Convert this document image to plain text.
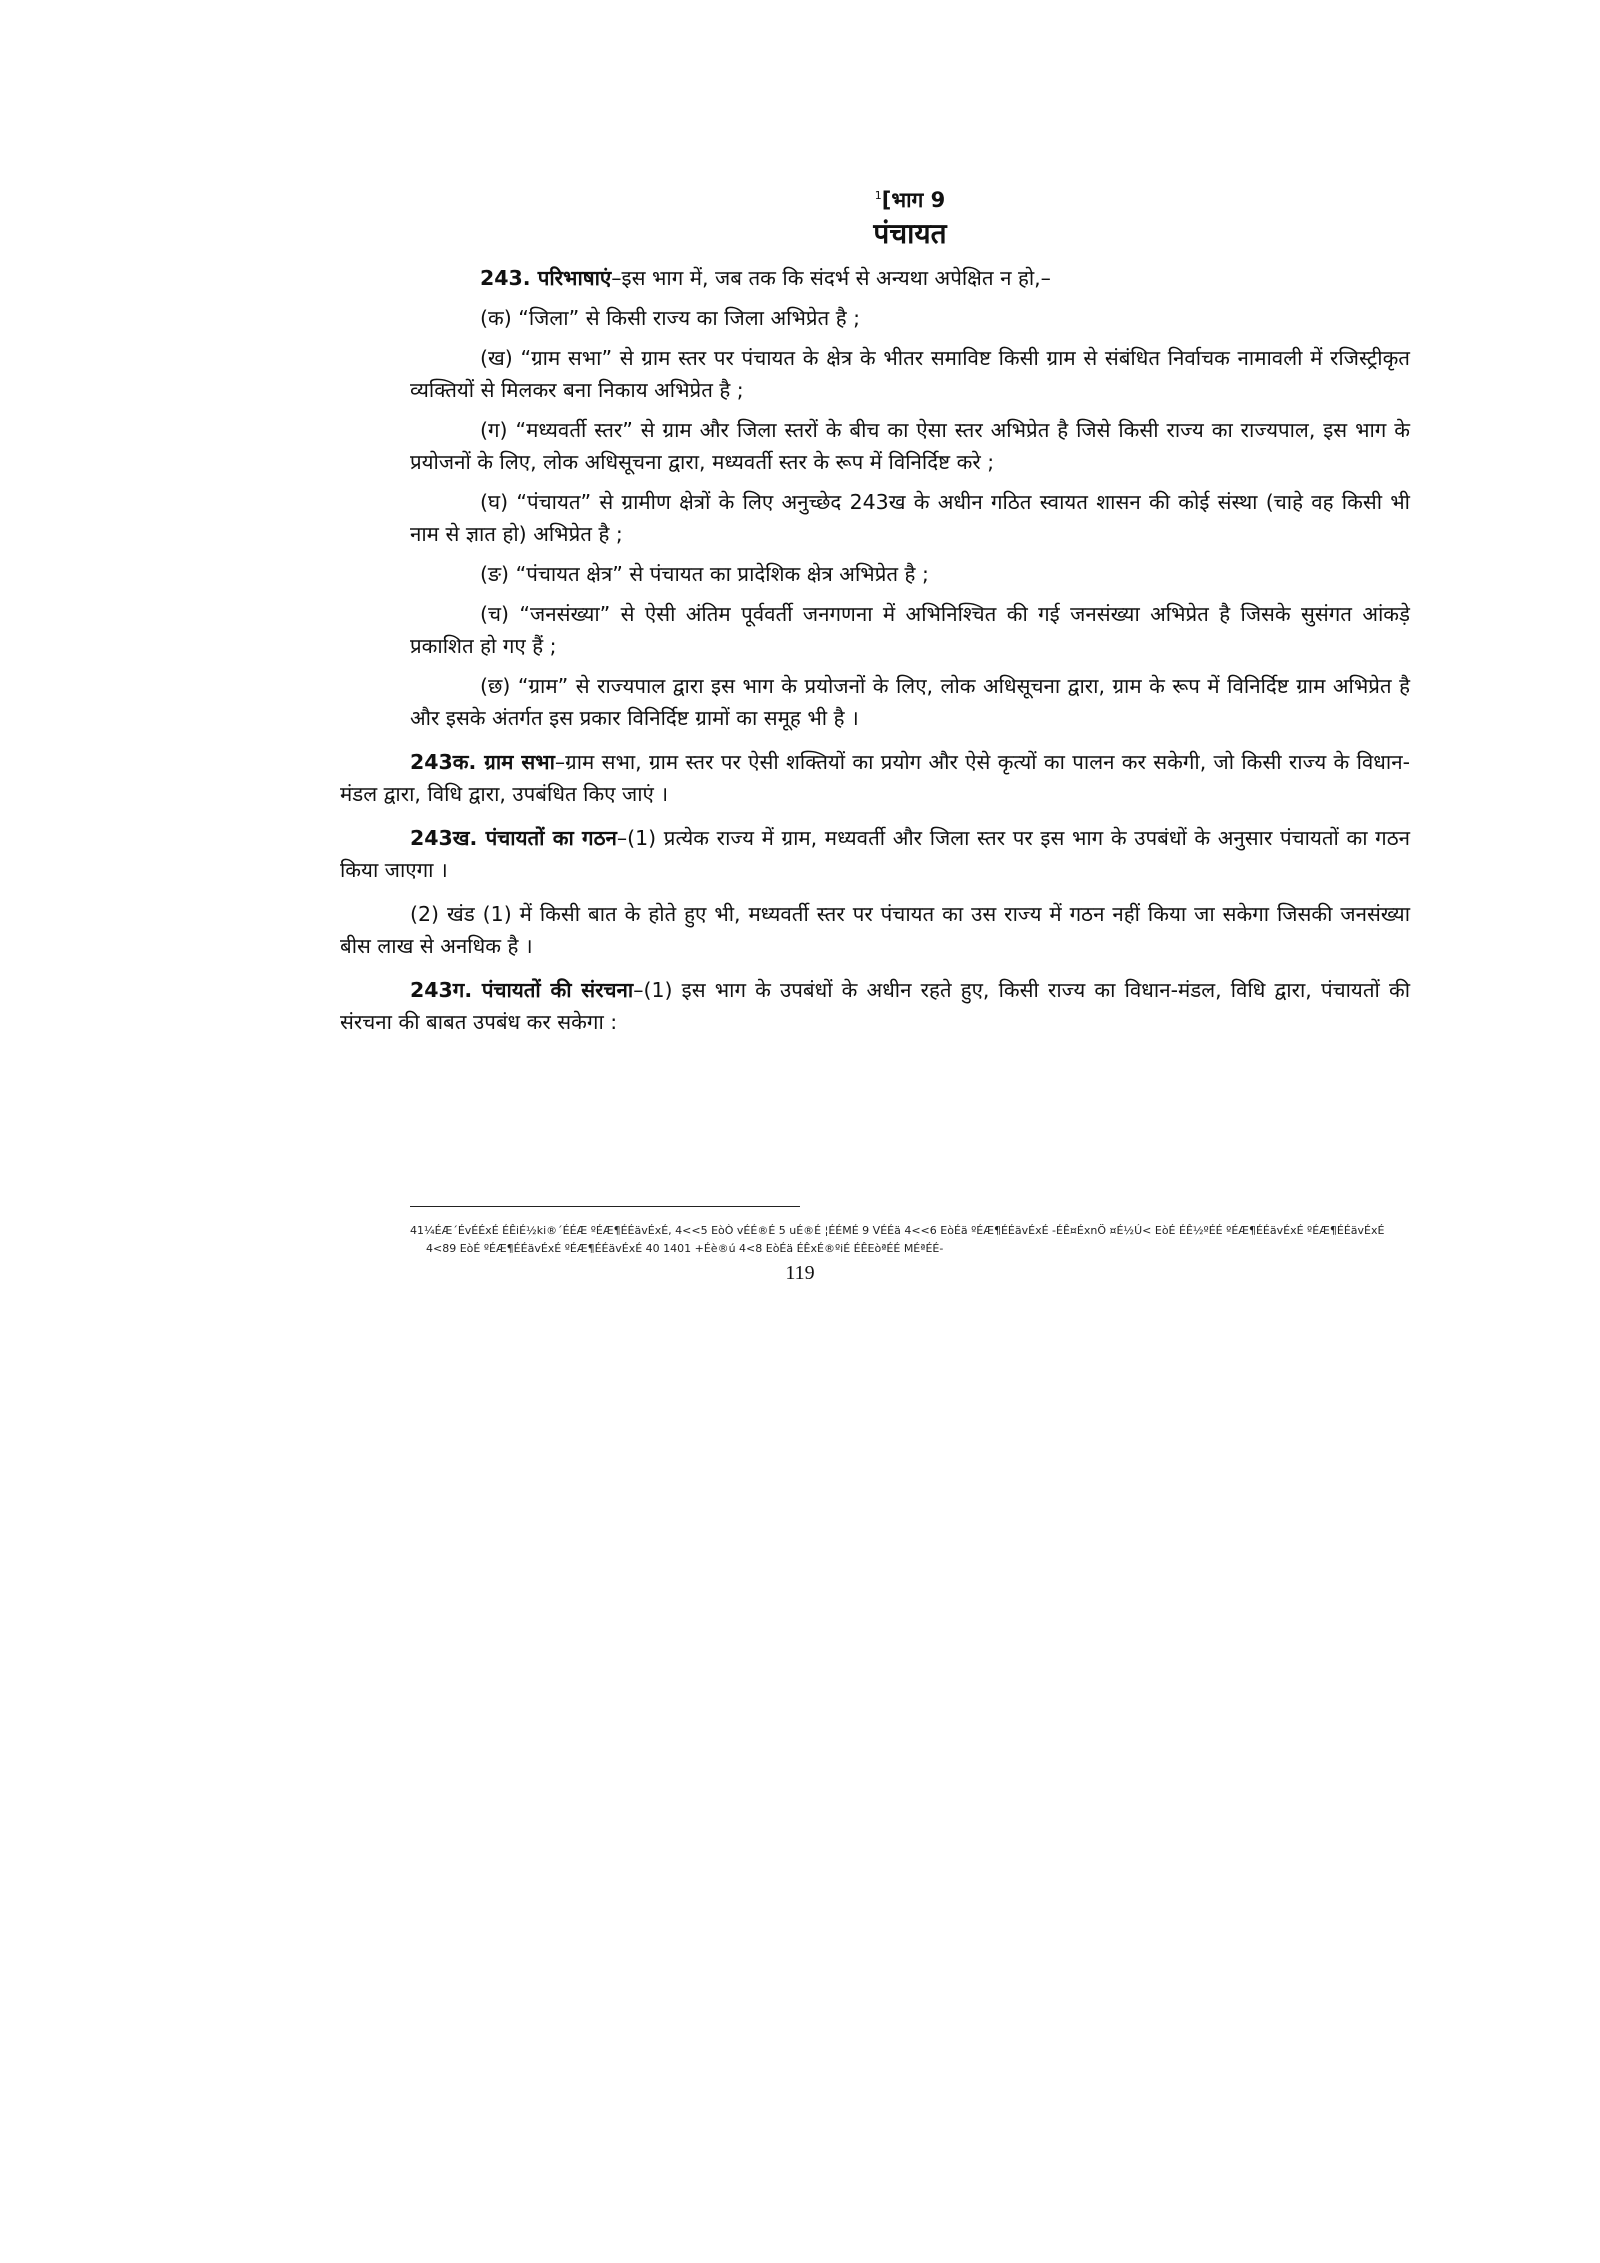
$^1$[भाग 9
पंचायत

243. परिभाषाएं–इस भाग में, जब तक कि संदर्भ से अन्यथा अपेक्षित न हो,–

(क) “जिला” से किसी राज्य का जिला अभिप्रेत है ;

(ख) “ग्राम सभा” से ग्राम स्तर पर पंचायत के क्षेत्र के भीतर समाविष्ट किसी ग्राम से संबंधित निर्वाचक नामावली में रजिस्ट्रीकृत व्यक्तियों से मिलकर बना निकाय अभिप्रेत है ;

(ग) “मध्यवर्ती स्तर” से ग्राम और जिला स्तरों के बीच का ऐसा स्तर अभिप्रेत है जिसे किसी राज्य का राज्यपाल, इस भाग के प्रयोजनों के लिए, लोक अधिसूचना द्वारा, मध्यवर्ती स्तर के रूप में विनिर्दिष्ट करे ;

(घ) “पंचायत” से ग्रामीण क्षेत्रों के लिए अनुच्छेद 243ख के अधीन गठित स्वायत शासन की कोई संस्था (चाहे वह किसी भी नाम से ज्ञात हो) अभिप्रेत है ;

(ङ) “पंचायत क्षेत्र” से पंचायत का प्रादेशिक क्षेत्र अभिप्रेत है ;

(च) “जनसंख्या” से ऐसी अंतिम पूर्ववर्ती जनगणना में अभिनिश्चित की गई जनसंख्या अभिप्रेत है जिसके सुसंगत आंकड़े प्रकाशित हो गए हैं ;

(छ) “ग्राम” से राज्यपाल द्वारा इस भाग के प्रयोजनों के लिए, लोक अधिसूचना द्वारा, ग्राम के रूप में विनिर्दिष्ट ग्राम अभिप्रेत है और इसके अंतर्गत इस प्रकार विनिर्दिष्ट ग्रामों का समूह भी है ।

243क. ग्राम सभा–ग्राम सभा, ग्राम स्तर पर ऐसी शक्तियों का प्रयोग और ऐसे कृत्यों का पालन कर सकेगी, जो किसी राज्य के विधान-मंडल द्वारा, विधि द्वारा, उपबंधित किए जाएं ।

243ख. पंचायतों का गठन–(1) प्रत्येक राज्य में ग्राम, मध्यवर्ती और जिला स्तर पर इस भाग के उपबंधों के अनुसार पंचायतों का गठन किया जाएगा ।

(2) खंड (1) में किसी बात के होते हुए भी, मध्यवर्ती स्तर पर पंचायत का उस राज्य में गठन नहीं किया जा सकेगा जिसकी जनसंख्या बीस लाख से अनधिक है ।

243ग. पंचायतों की संरचना–(1) इस भाग के उपबंधों के अधीन रहते हुए, किसी राज्य का विधान-मंडल, विधि द्वारा, पंचायतों की संरचना की बाबत उपबंध कर सकेगा :

41¼ÉÆ´ÉvÉÉxÉ ÉÊiÉ½ki®´ÉÉÆ ºÉÆ¶ÉÉävÉxÉ, 4<<5 EòÒ vÉÉ®É 5 uÉ®É ¦ÉÉMÉ 9 VÉÉä 4<<6 EòÉä ºÉÆ¶ÉÉävÉxÉ -ÉÊ¤ÉxnÖ ¤É½Ú< EòÉ ÉÊ½ºÉÉ ºÉÆ¶ÉÉävÉxÉ ºÉÆ¶ÉÉävÉxÉ
4<89 EòÉ ºÉÆ¶ÉÉävÉxÉ ºÉÆ¶ÉÉävÉxÉ 40 1401 +Éè®ú 4<8 EòÉä ÉÊxÉ®ºiÉ ÉÊEòªÉÉ MÉªÉÉ-
119
